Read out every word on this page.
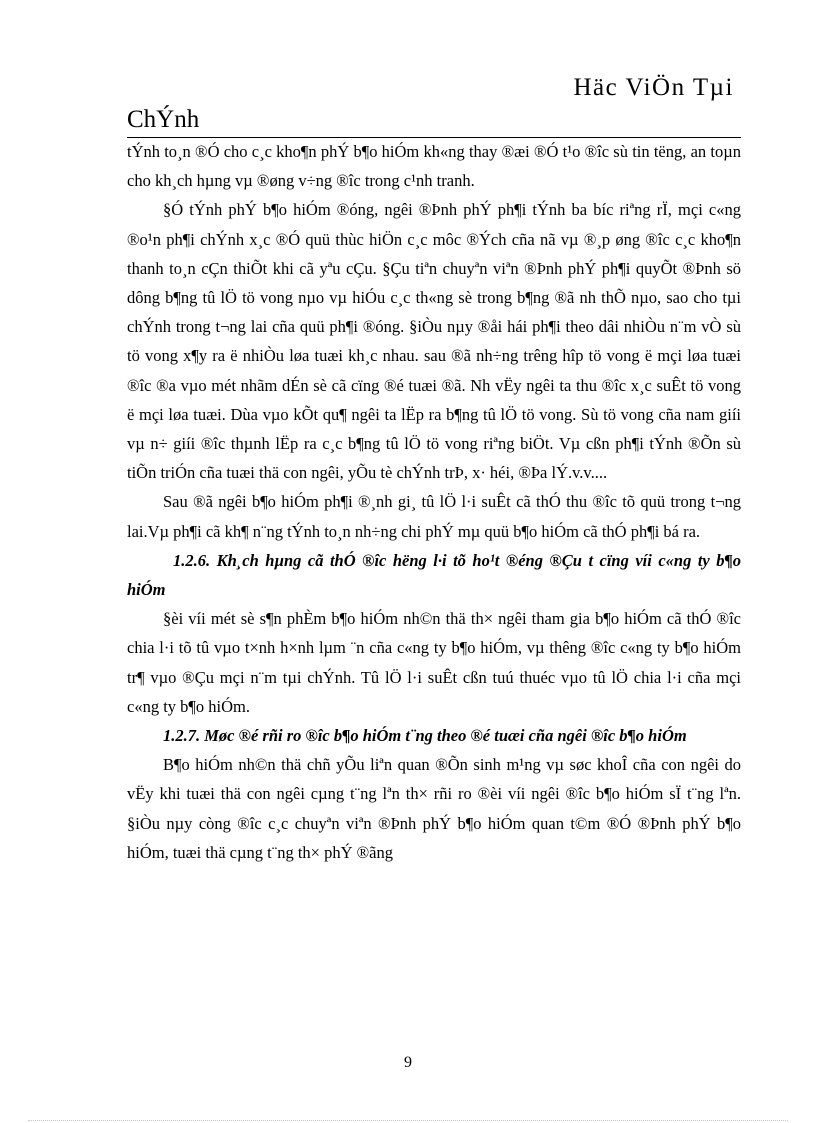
Häc ViÖn Tµi
ChÝnh

tÝnh to¸n ®Ó cho c¸c kho¶n phÝ b¶o hiÓm kh«ng thay ®æi ®Ó t¹o ®îc sù tin tëng, an toµn cho kh¸ch hµng vµ ®øng v÷ng ®îc trong c¹nh tranh.

§Ó tÝnh phÝ b¶o hiÓm ®óng, ngêi ®Þnh phÝ ph¶i tÝnh ba bíc riªng rÏ, mçi c«ng ®o¹n ph¶i chÝnh x¸c ®Ó quü thùc hiÖn c¸c môc ®Ých cña nã vµ ®¸p øng ®îc c¸c kho¶n thanh to¸n cÇn thiÕt khi cã yªu cÇu. §Çu tiªn chuyªn viªn ®Þnh phÝ ph¶i quyÕt ®Þnh sö dông b¶ng tû lÖ tö vong nµo vµ hiÓu c¸c th«ng sè trong b¶ng ®ã nh thÕ nµo, sao cho tµi chÝnh trong t¬ng lai cña quü ph¶i ®óng. §iÒu nµy ®åi hái ph¶i theo dâi nhiÒu n¨m vÒ sù tö vong x¶y ra ë nhiÒu løa tuæi kh¸c nhau. sau ®ã nh÷ng trêng hîp tö vong ë mçi løa tuæi ®îc ®a vµo mét nhãm dÉn sè cã cïng ®é tuæi ®ã. Nh vËy ngêi ta thu ®îc x¸c suÊt tö vong ë mçi løa tuæi. Dùa vµo kÕt qu¶ ngêi ta lËp ra b¶ng tû lÖ tö vong. Sù tö vong cña nam giíi vµ n÷ giíi ®îc thµnh lËp ra c¸c b¶ng tû lÖ tö vong riªng biÖt. Vµ cßn ph¶i tÝnh ®Õn sù tiÕn triÓn cña tuæi thä con ngêi, yÕu tè chÝnh trÞ, x· héi, ®Þa lÝ.v.v....

Sau ®ã ngêi b¶o hiÓm ph¶i ®¸nh gi¸ tû lÖ l·i suÊt cã thÓ thu ®îc tõ quü trong t¬ng lai.Vµ ph¶i cã kh¶ n¨ng tÝnh to¸n nh÷ng chi phÝ mµ quü b¶o hiÓm cã thÓ ph¶i bá ra.

1.2.6. Kh¸ch hµng cã thÓ ®îc hëng l·i tõ ho¹t ®éng ®Çu t cïng víi c«ng ty b¶o hiÓm

§èi víi mét sè s¶n phÈm b¶o hiÓm nh©n thä th× ngêi tham gia b¶o hiÓm cã thÓ ®îc chia l·i tõ tû vµo t×nh h×nh lµm ¨n cña c«ng ty b¶o hiÓm, vµ thêng ®îc c«ng ty b¶o hiÓm tr¶ vµo ®Çu mçi n¨m tµi chÝnh. Tû lÖ l·i suÊt cßn tuú thuéc vµo tû lÖ chia l·i cña mçi c«ng ty b¶o hiÓm.

1.2.7. Møc ®é rñi ro ®îc b¶o hiÓm t¨ng theo ®é tuæi cña ngêi ®îc b¶o hiÓm

B¶o hiÓm nh©n thä chñ yÕu liªn quan ®Õn sinh m¹ng vµ søc khoÎ cña con ngêi do vËy khi tuæi thä con ngêi cµng t¨ng lªn th× rñi ro ®èi víi ngêi ®îc b¶o hiÓm sÏ t¨ng lªn. §iÒu nµy còng ®îc c¸c chuyªn viªn ®Þnh phÝ b¶o hiÓm quan t©m ®Ó ®Þnh phÝ b¶o hiÓm, tuæi thä cµng t¨ng th× phÝ ®ãng

9
